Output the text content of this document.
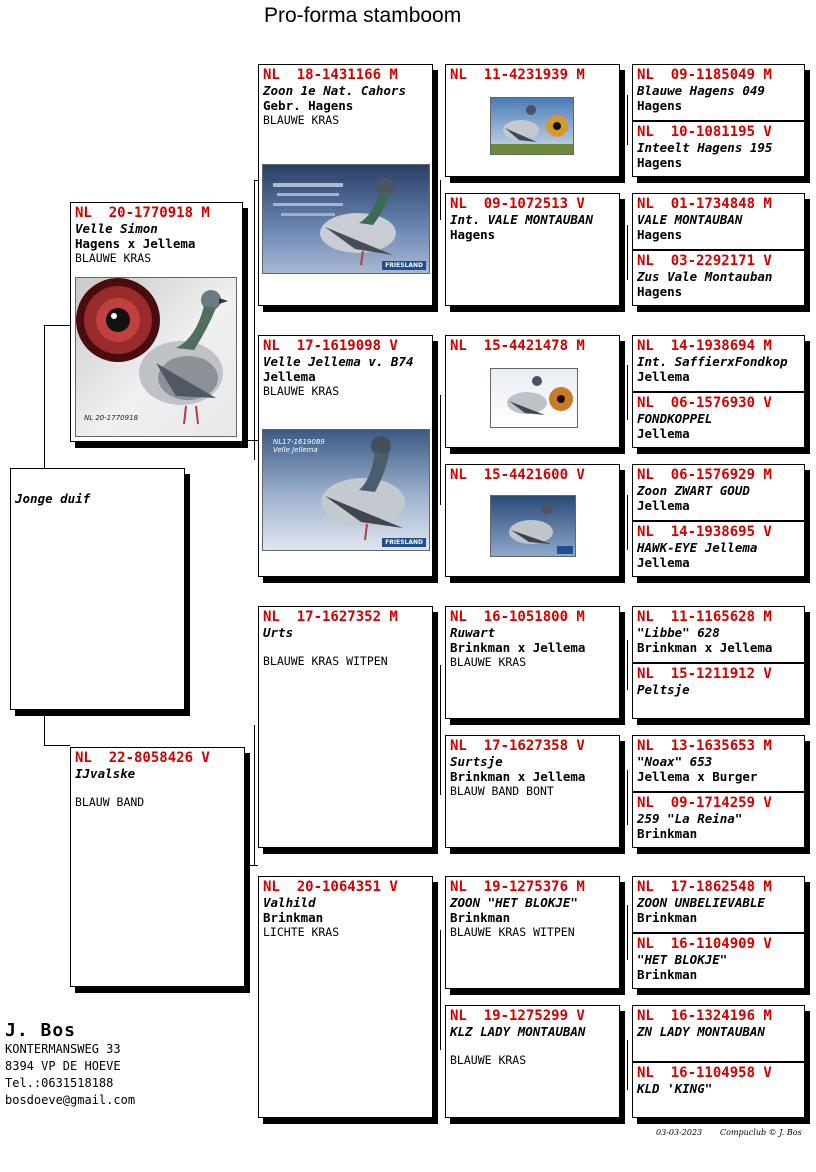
Pro-forma stamboom
Jonge duif
NL  20-1770918 M
Velle Simon
Hagens x Jellema
BLAUWE KRAS
NL 20-1770918
NL  22-8058426 V
IJvalske
BLAUW BAND
NL  18-1431166 M
Zoon 1e Nat. Cahors
Gebr. Hagens
BLAUWE KRAS
FRIESLAND
NL  17-1619098 V
Velle Jellema v. B74
Jellema
BLAUWE KRAS
NL17-1619089 Velle Jellema
FRIESLAND
NL  17-1627352 M
Urts
BLAUWE KRAS WITPEN
NL  20-1064351 V
Valhild
Brinkman
LICHTE KRAS
NL  11-4231939 M
NL  09-1072513 V
Int. VALE MONTAUBAN
Hagens
NL  15-4421478 M
NL  15-4421600 V
NL  16-1051800 M
Ruwart
Brinkman x Jellema
BLAUWE KRAS
NL  17-1627358 V
Surtsje
Brinkman x Jellema
BLAUW BAND BONT
NL  19-1275376 M
ZOON "HET BLOKJE"
Brinkman
BLAUWE KRAS WITPEN
NL  19-1275299 V
KLZ LADY MONTAUBAN
BLAUWE KRAS
NL  09-1185049 M
Blauwe Hagens 049
Hagens
NL  10-1081195 V
Inteelt Hagens 195
Hagens
NL  01-1734848 M
VALE MONTAUBAN
Hagens
NL  03-2292171 V
Zus Vale Montauban
Hagens
NL  14-1938694 M
Int. SaffierxFondkop
Jellema
NL  06-1576930 V
FONDKOPPEL
Jellema
NL  06-1576929 M
Zoon ZWART GOUD
Jellema
NL  14-1938695 V
HAWK-EYE Jellema
Jellema
NL  11-1165628 M
"Libbe" 628
Brinkman x Jellema
NL  15-1211912 V
Peltsje
NL  13-1635653 M
"Noax" 653
Jellema x Burger
NL  09-1714259 V
259 "La Reina"
Brinkman
NL  17-1862548 M
ZOON UNBELIEVABLE
Brinkman
NL  16-1104909 V
"HET BLOKJE"
Brinkman
NL  16-1324196 M
ZN LADY MONTAUBAN
NL  16-1104958 V
KLD 'KING"
J. Bos
KONTERMANSWEG 33
8394 VP DE HOEVE
Tel.:0631518188
bosdoeve@gmail.com
03-03-2023 Compuclub © J. Bos
